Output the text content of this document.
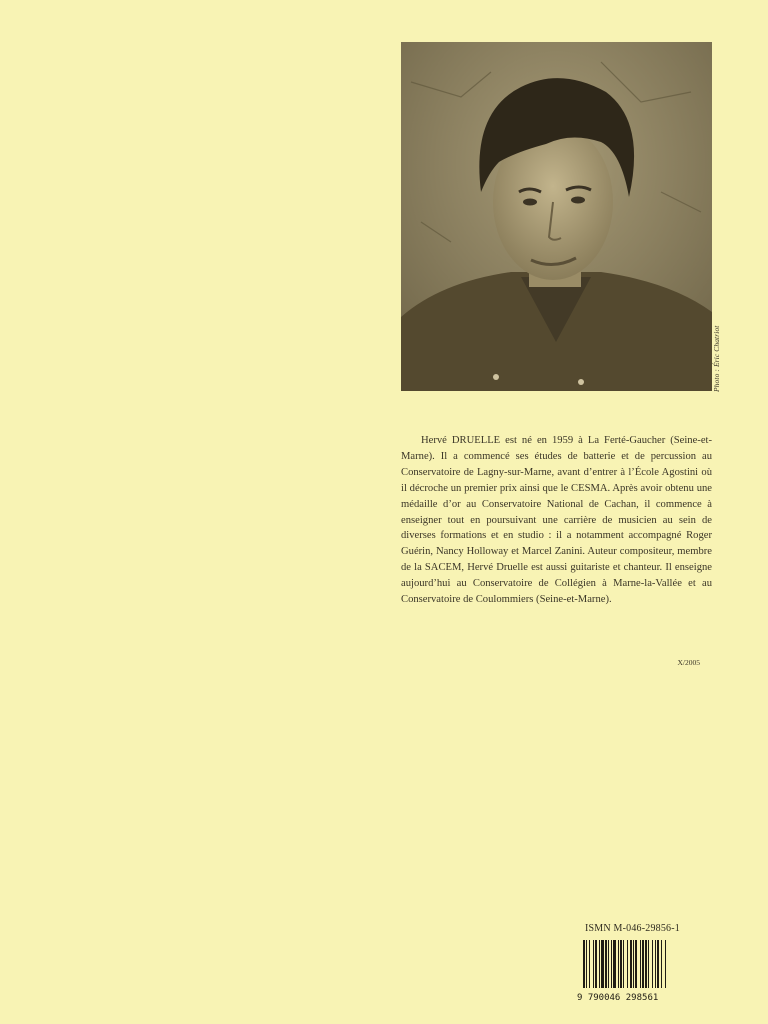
Photo : Éric Chatriot

Hervé DRUELLE est né en 1959 à La Ferté-Gaucher (Seine-et-Marne). Il a commencé ses études de batterie et de percussion au Conservatoire de Lagny-sur-Marne, avant d’entrer à l’École Agostini où il décroche un premier prix ainsi que le CESMA. Après avoir obtenu une médaille d’or au Conservatoire National de Cachan, il commence à enseigner tout en poursuivant une carrière de musicien au sein de diverses formations et en studio : il a notamment accompagné Roger Guérin, Nancy Holloway et Marcel Zanini. Auteur compositeur, membre de la SACEM, Hervé Druelle est aussi guitariste et chanteur. Il enseigne aujourd’hui au Conservatoire de Collégien à Marne-la-Vallée et au Conservatoire de Coulommiers (Seine-et-Marne).

X/2005
ISMN M-046-29856-1
9 790046 298561
